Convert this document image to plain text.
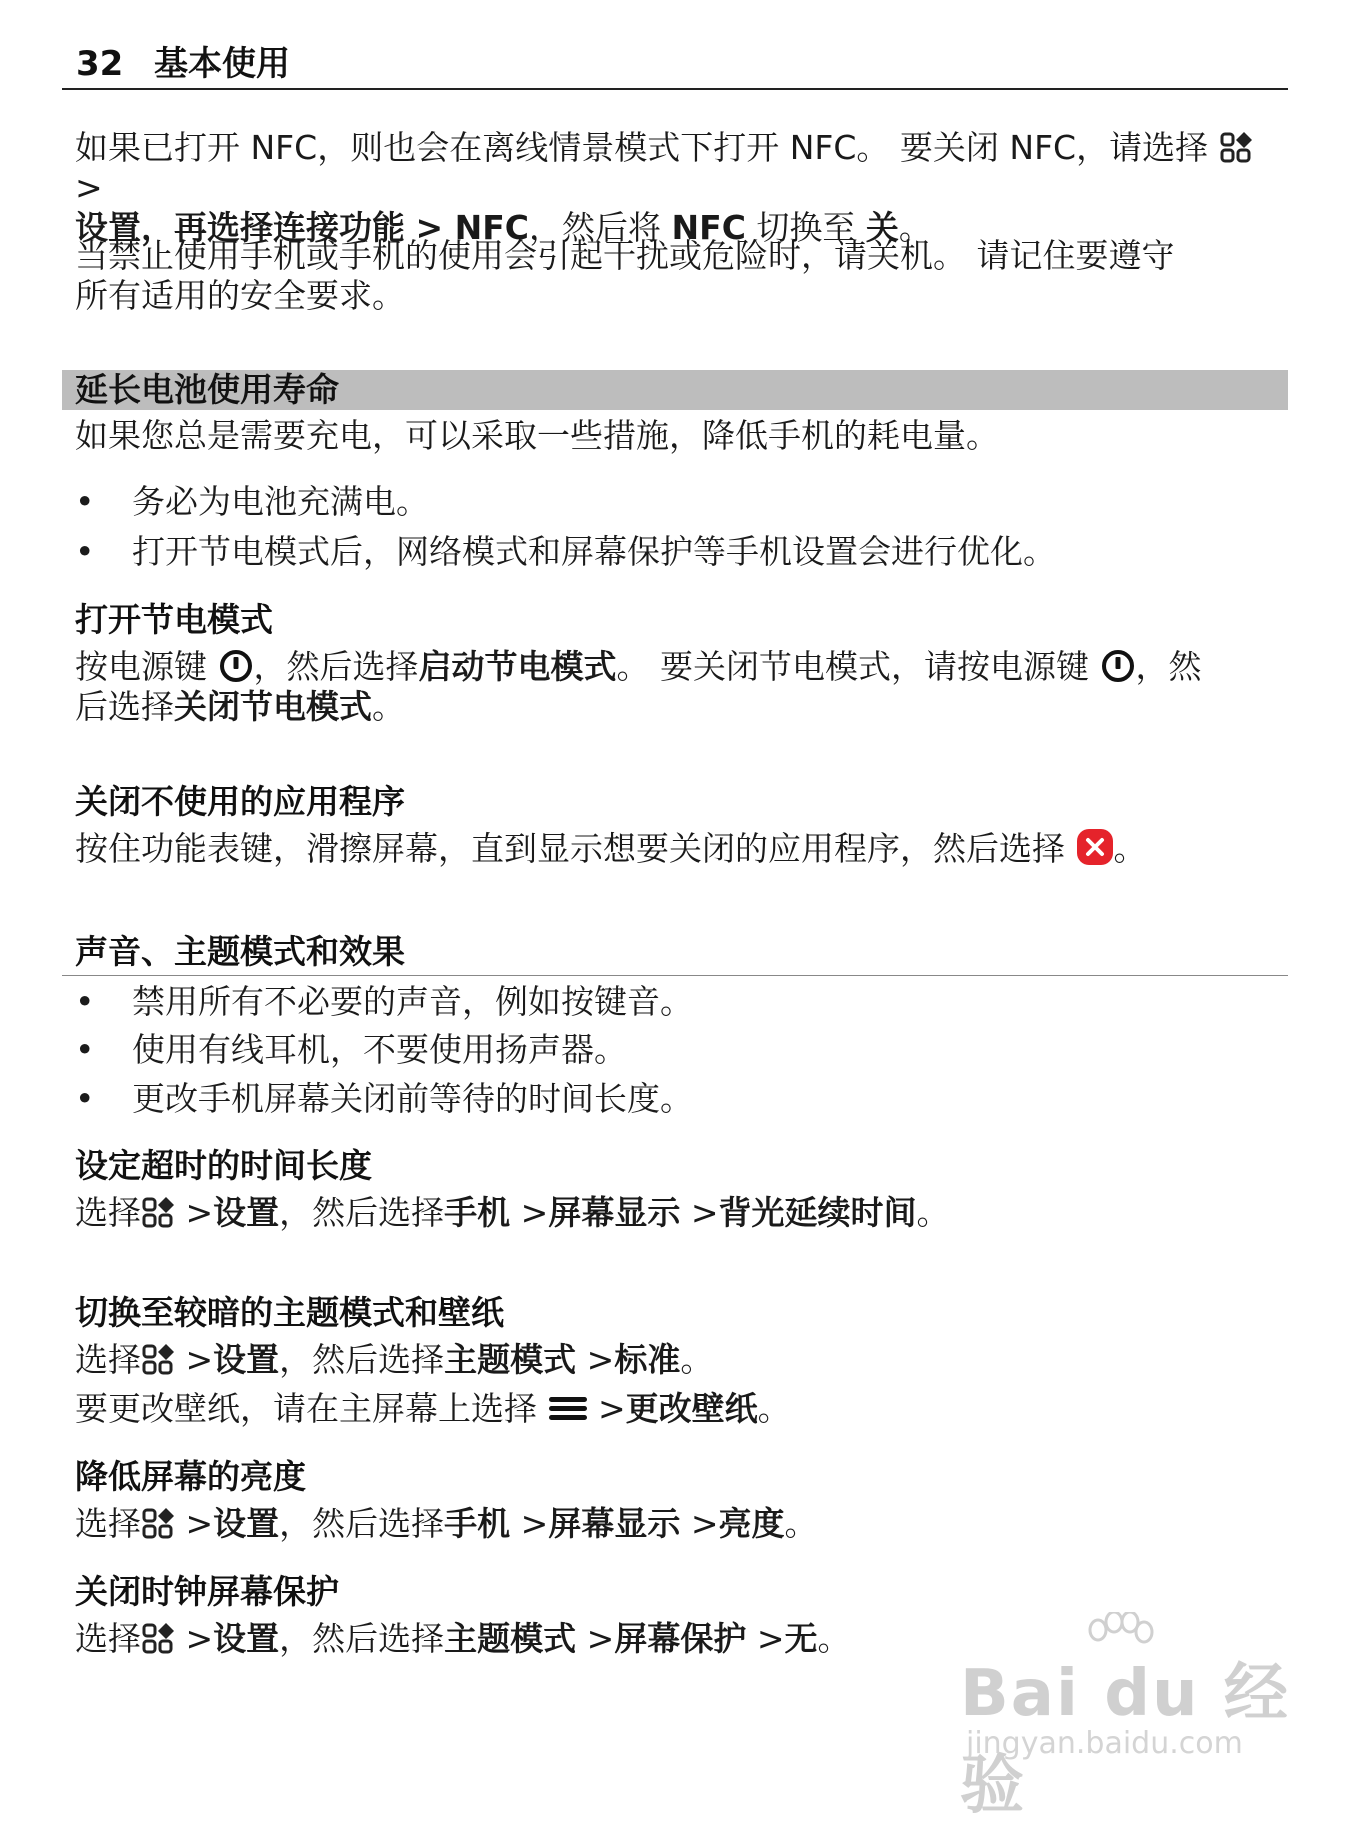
32 基本使用
如果已打开 NFC，则也会在离线情景模式下打开 NFC。 要关闭 NFC，请选择  >
设置，再选择连接功能 > NFC，然后将 NFC 切换至 关。
当禁止使用手机或手机的使用会引起干扰或危险时，请关机。 请记住要遵守
所有适用的安全要求。
延长电池使用寿命
如果您总是需要充电，可以采取一些措施，降低手机的耗电量。
• 务必为电池充满电。
• 打开节电模式后，网络模式和屏幕保护等手机设置会进行优化。
打开节电模式
按电源键 ，然后选择启动节电模式。 要关闭节电模式，请按电源键 ，然
后选择关闭节电模式。
关闭不使用的应用程序
按住功能表键，滑擦屏幕，直到显示想要关闭的应用程序，然后选择 。
声音、主题模式和效果
• 禁用所有不必要的声音，例如按键音。
• 使用有线耳机，不要使用扬声器。
• 更改手机屏幕关闭前等待的时间长度。
设定超时的时间长度
选择 >设置，然后选择手机 >屏幕显示 >背光延续时间。
切换至较暗的主题模式和壁纸
选择 >设置，然后选择主题模式 >标准。
要更改壁纸，请在主屏幕上选择 >更改壁纸。
降低屏幕的亮度
选择 >设置，然后选择手机 >屏幕显示 >亮度。
关闭时钟屏幕保护
选择 >设置，然后选择主题模式 >屏幕保护 >无。
Bai du 经验
jingyan.baidu.com
